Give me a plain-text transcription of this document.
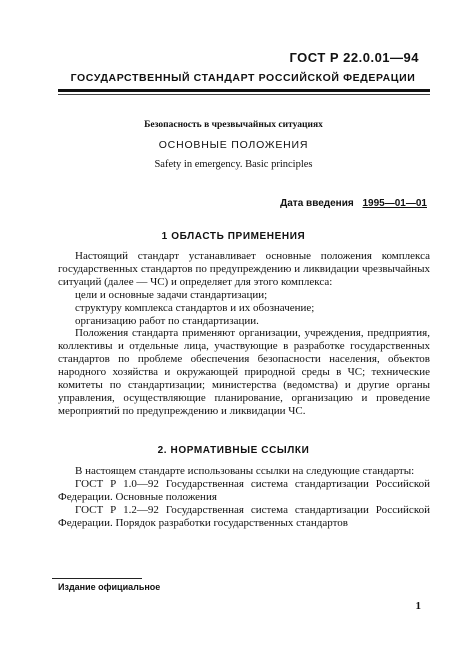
ГОСТ Р 22.0.01—94
ГОСУДАРСТВЕННЫЙ СТАНДАРТ РОССИЙСКОЙ ФЕДЕРАЦИИ
Безопасность в чрезвычайных ситуациях
ОСНОВНЫЕ ПОЛОЖЕНИЯ
Safety in emergency. Basic principles
Дата введения 1995—01—01
1 ОБЛАСТЬ ПРИМЕНЕНИЯ

Настоящий стандарт устанавливает основные положения комплекса государственных стандартов по предупреждению и ликвидации чрезвычайных ситуаций (далее — ЧС) и определяет для этого комплекса:

цели и основные задачи стандартизации;

структуру комплекса стандартов и их обозначение;

организацию работ по стандартизации.

Положения стандарта применяют организации, учреждения, предприятия, коллективы и отдельные лица, участвующие в разработке государственных стандартов по проблеме обеспечения безопасности населения, объектов народного хозяйства и окружающей природной среды в ЧС; технические комитеты по стандартизации; министерства (ведомства) и другие органы управления, осуществляющие планирование, организацию и проведение мероприятий по предупреждению и ликвидации ЧС.

2. НОРМАТИВНЫЕ ССЫЛКИ

В настоящем стандарте использованы ссылки на следующие стандарты:

ГОСТ Р 1.0—92 Государственная система стандартизации Российской Федерации. Основные положения

ГОСТ Р 1.2—92 Государственная система стандартизации Российской Федерации. Порядок разработки государственных стандартов

Издание официальное
1
